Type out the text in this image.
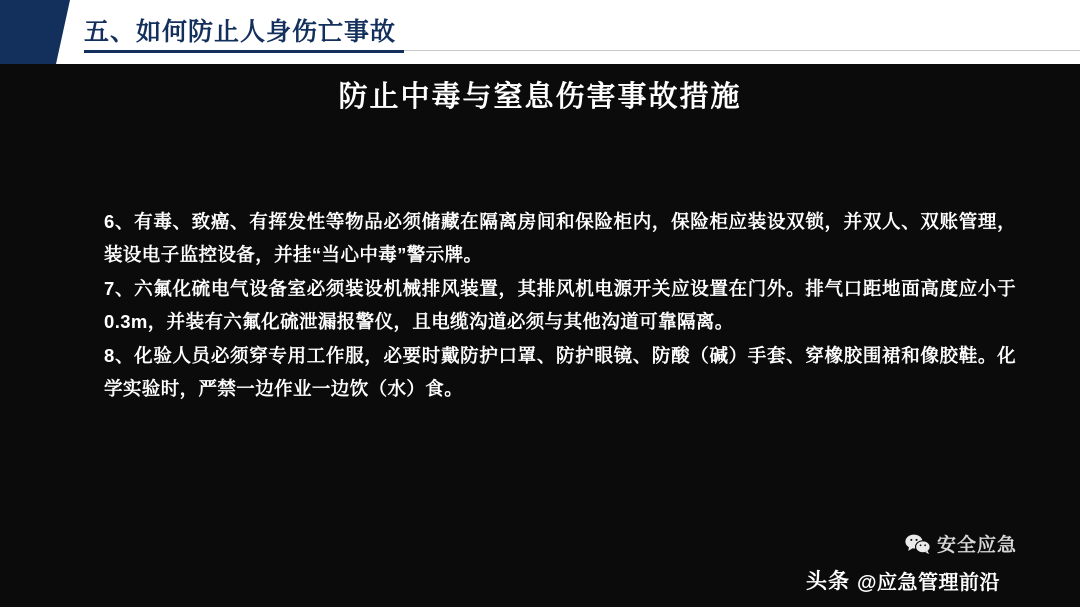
五、如何防止人身伤亡事故
防止中毒与窒息伤害事故措施

6、有毒、致癌、有挥发性等物品必须储藏在隔离房间和保险柜内，保险柜应装设双锁，并双人、双账管理，装设电子监控设备，并挂“当心中毒”警示牌。

7、六氟化硫电气设备室必须装设机械排风装置，其排风机电源开关应设置在门外。排气口距地面高度应小于0.3m，并装有六氟化硫泄漏报警仪，且电缆沟道必须与其他沟道可靠隔离。

8、化验人员必须穿专用工作服，必要时戴防护口罩、防护眼镜、防酸（碱）手套、穿橡胶围裙和像胶鞋。化学实验时，严禁一边作业一边饮（水）食。

安全应急
头条 @应急管理前沿
